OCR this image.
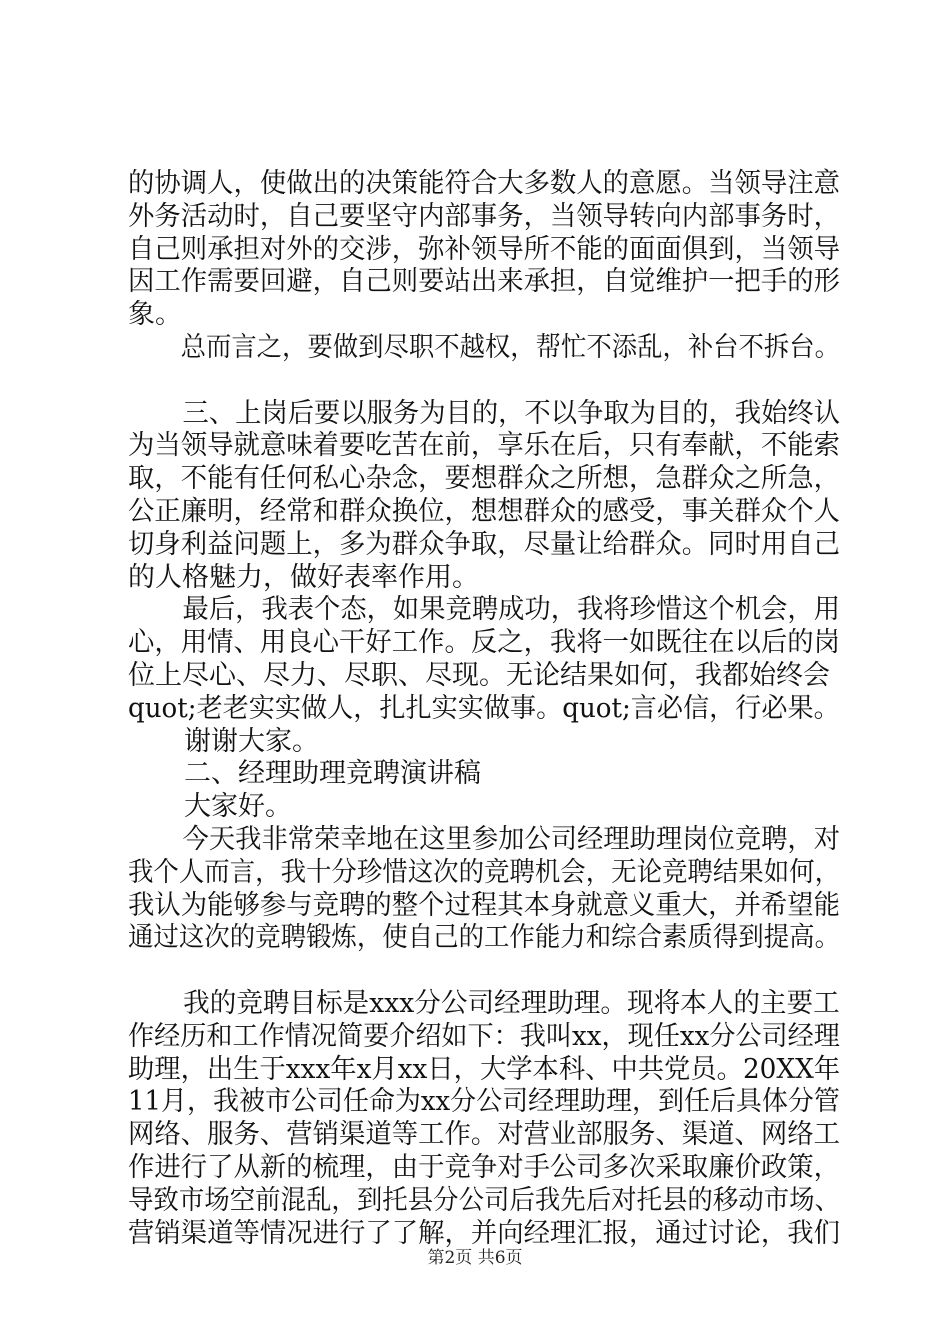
的协调人，使做出的决策能符合大多数人的意愿。当领导注意
外务活动时，自己要坚守内部事务，当领导转向内部事务时，
自己则承担对外的交涉，弥补领导所不能的面面俱到，当领导
因工作需要回避，自己则要站出来承担，自觉维护一把手的形
象。
总而言之，要做到尽职不越权，帮忙不添乱，补台不拆台。
三、上岗后要以服务为目的，不以争取为目的，我始终认
为当领导就意味着要吃苦在前，享乐在后，只有奉献，不能索
取，不能有任何私心杂念，要想群众之所想，急群众之所急，
公正廉明，经常和群众换位，想想群众的感受，事关群众个人
切身利益问题上，多为群众争取，尽量让给群众。同时用自己
的人格魅力，做好表率作用。
最后，我表个态，如果竞聘成功，我将珍惜这个机会，用
心，用情、用良心干好工作。反之，我将一如既往在以后的岗
位上尽心、尽力、尽职、尽现。无论结果如何，我都始终会
quot;老老实实做人，扎扎实实做事。quot;言必信，行必果。
谢谢大家。
二、经理助理竞聘演讲稿
大家好。
今天我非常荣幸地在这里参加公司经理助理岗位竞聘，对
我个人而言，我十分珍惜这次的竞聘机会，无论竞聘结果如何，
我认为能够参与竞聘的整个过程其本身就意义重大，并希望能
通过这次的竞聘锻炼，使自己的工作能力和综合素质得到提高。
我的竞聘目标是xxx分公司经理助理。现将本人的主要工
作经历和工作情况简要介绍如下：我叫xx，现任xx分公司经理
助理，出生于xxx年x月xx日，大学本科、中共党员。20XX年
11月，我被市公司任命为xx分公司经理助理，到任后具体分管
网络、服务、营销渠道等工作。对营业部服务、渠道、网络工
作进行了从新的梳理，由于竞争对手公司多次采取廉价政策，
导致市场空前混乱，到托县分公司后我先后对托县的移动市场、
营销渠道等情况进行了了解，并向经理汇报，通过讨论，我们
第2页 共6页
